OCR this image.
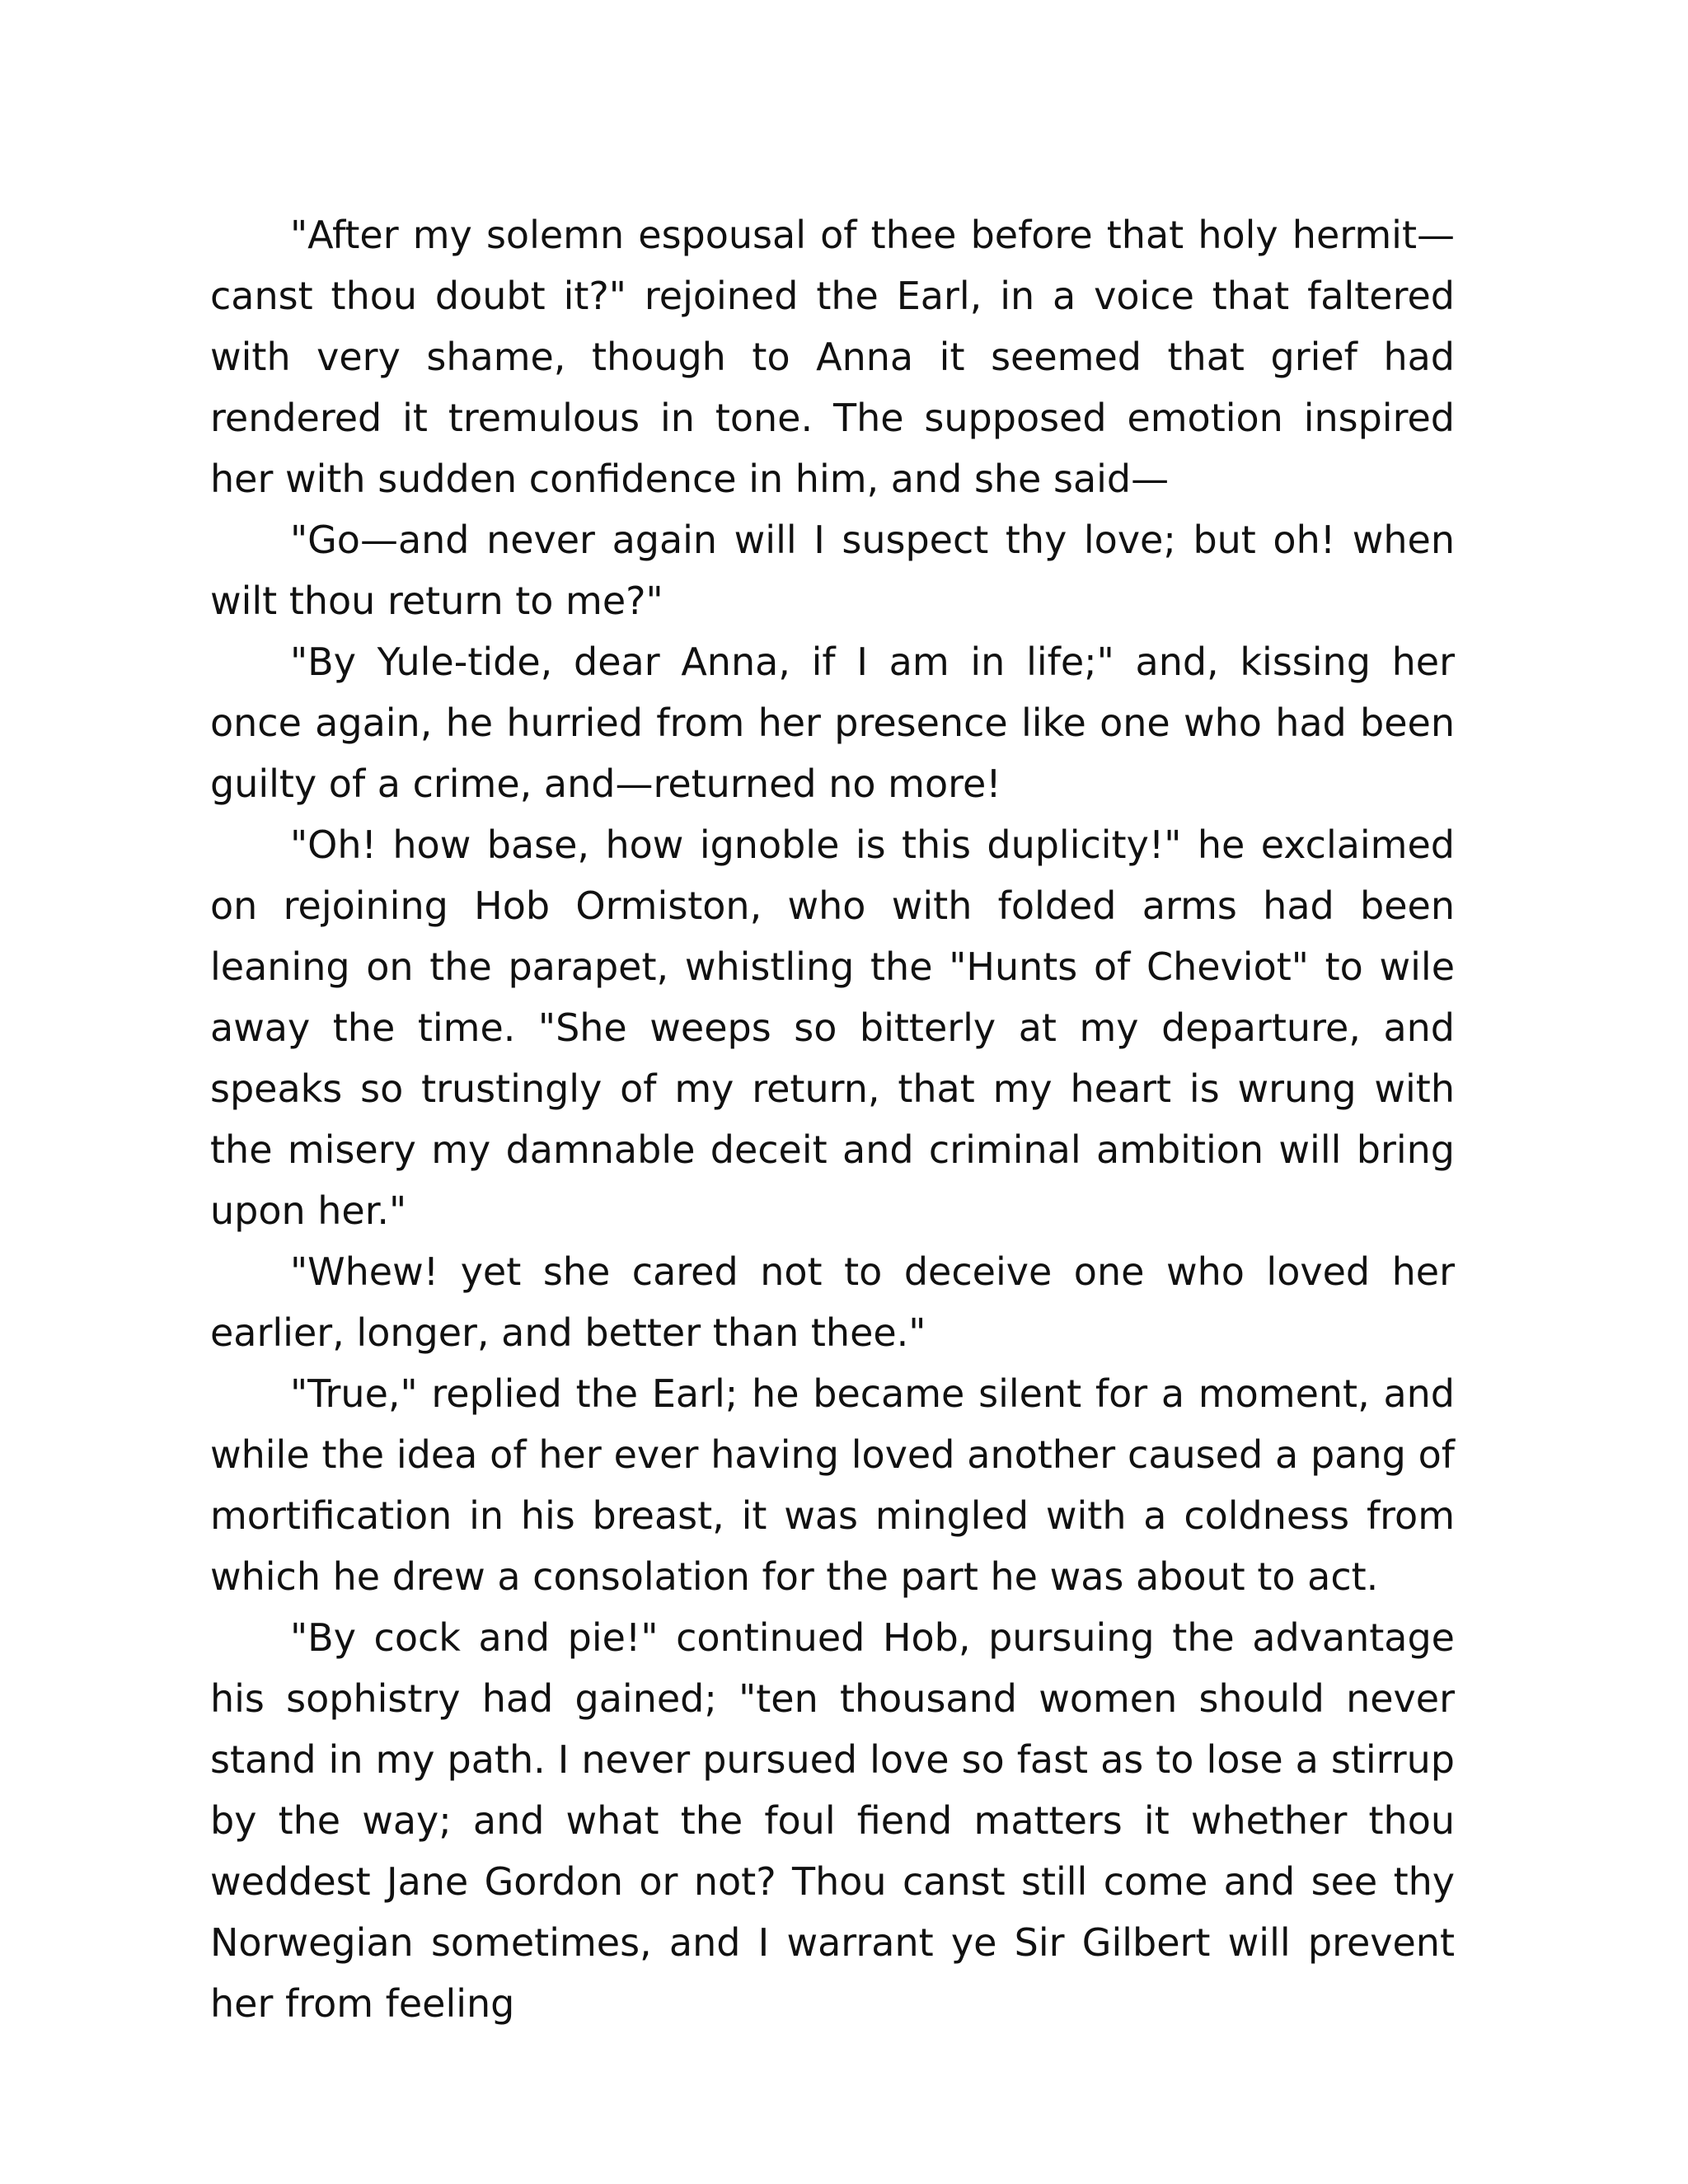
"After my solemn espousal of thee before that holy hermit—canst thou doubt it?" rejoined the Earl, in a voice that faltered with very shame, though to Anna it seemed that grief had rendered it tremulous in tone. The supposed emotion inspired her with sudden confidence in him, and she said—

"Go—and never again will I suspect thy love; but oh! when wilt thou return to me?"

"By Yule-tide, dear Anna, if I am in life;" and, kissing her once again, he hurried from her presence like one who had been guilty of a crime, and—returned no more!

"Oh! how base, how ignoble is this duplicity!" he exclaimed on rejoining Hob Ormiston, who with folded arms had been leaning on the parapet, whistling the "Hunts of Cheviot" to wile away the time. "She weeps so bitterly at my departure, and speaks so trustingly of my return, that my heart is wrung with the misery my damnable deceit and criminal ambition will bring upon her."

"Whew! yet she cared not to deceive one who loved her earlier, longer, and better than thee."

"True," replied the Earl; he became silent for a moment, and while the idea of her ever having loved another caused a pang of mortification in his breast, it was mingled with a coldness from which he drew a consolation for the part he was about to act.

"By cock and pie!" continued Hob, pursuing the advantage his sophistry had gained; "ten thousand women should never stand in my path. I never pursued love so fast as to lose a stirrup by the way; and what the foul fiend matters it whether thou weddest Jane Gordon or not? Thou canst still come and see thy Norwegian sometimes, and I warrant ye Sir Gilbert will prevent her from feeling
